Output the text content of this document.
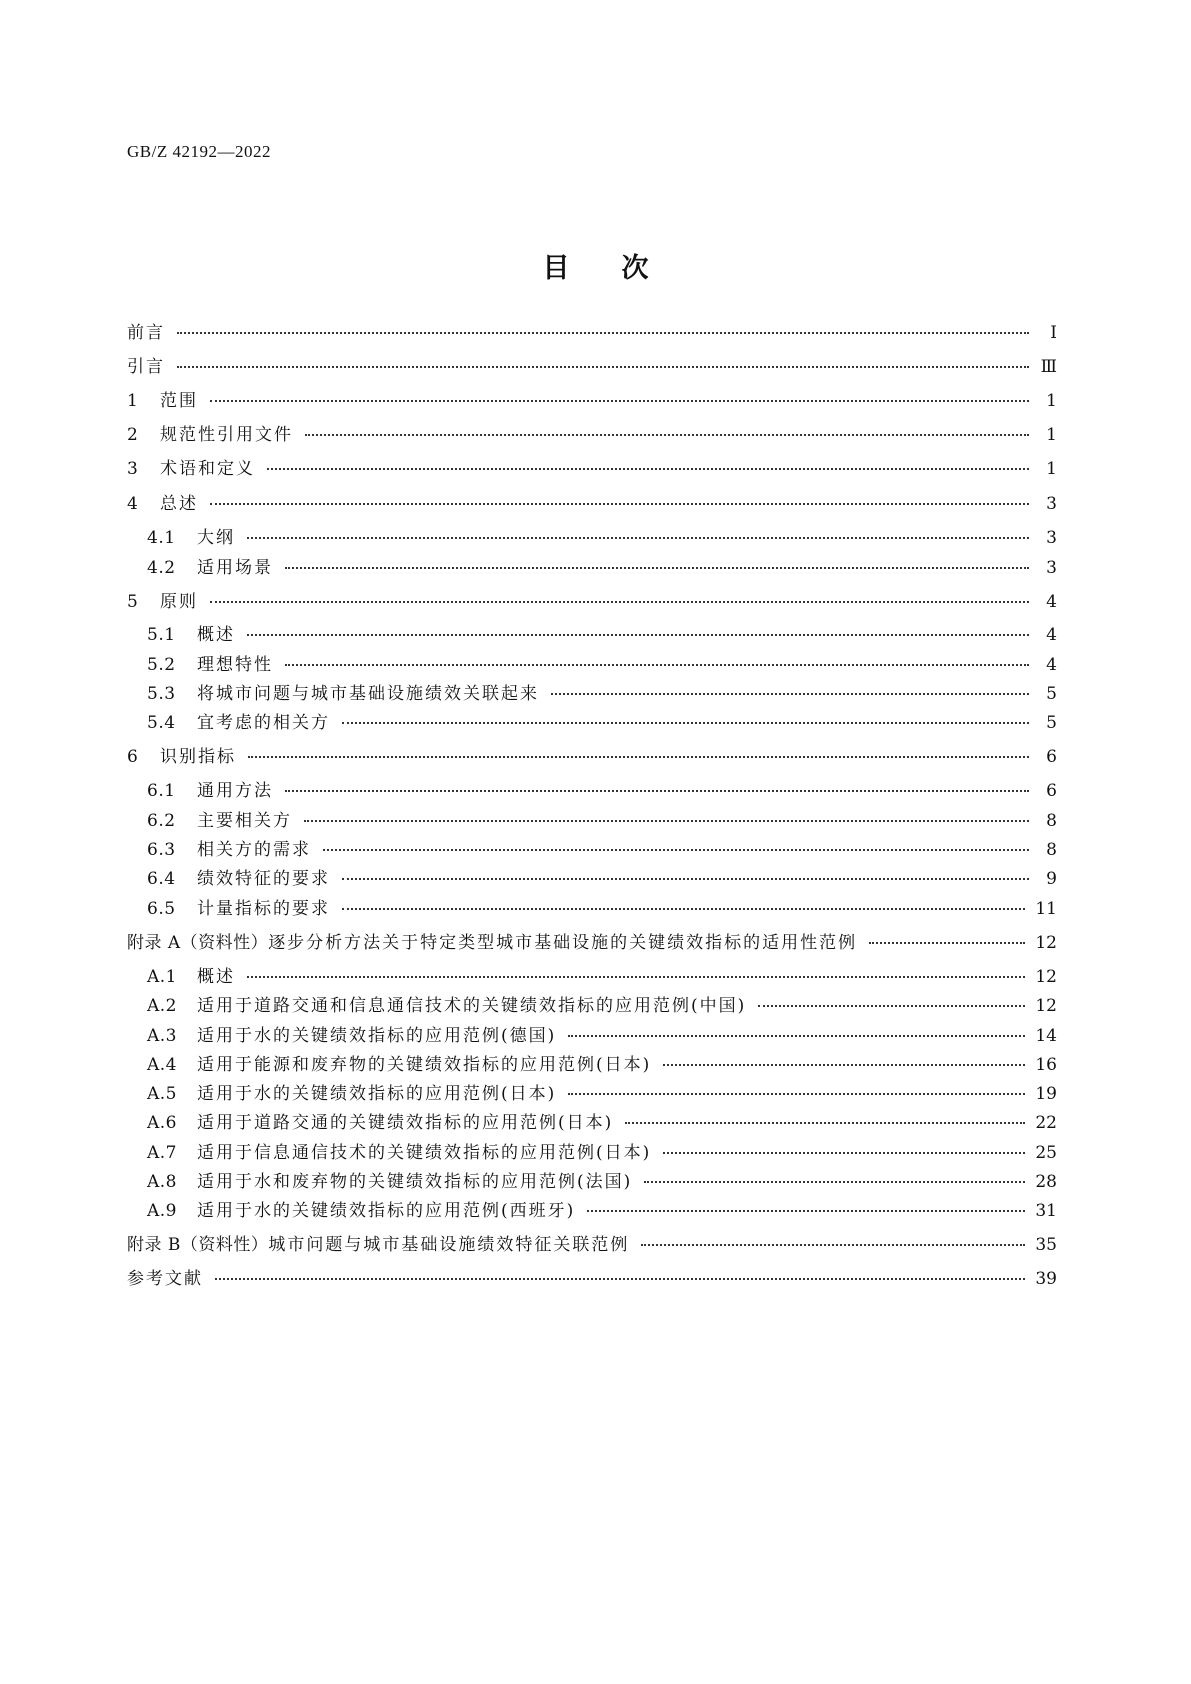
GB/Z 42192—2022
目次
前言	Ⅰ
引言	Ⅲ
1	范围	1
2	规范性引用文件	1
3	术语和定义	1
4	总述	3
4.1	大纲	3
4.2	适用场景	3
5	原则	4
5.1	概述	4
5.2	理想特性	4
5.3	将城市问题与城市基础设施绩效关联起来	5
5.4	宜考虑的相关方	5
6	识别指标	6
6.1	通用方法	6
6.2	主要相关方	8
6.3	相关方的需求	8
6.4	绩效特征的要求	9
6.5	计量指标的要求	11
附录 A（资料性） 逐步分析方法关于特定类型城市基础设施的关键绩效指标的适用性范例	12
A.1	概述	12
A.2	适用于道路交通和信息通信技术的关键绩效指标的应用范例(中国)	12
A.3	适用于水的关键绩效指标的应用范例(德国)	14
A.4	适用于能源和废弃物的关键绩效指标的应用范例(日本)	16
A.5	适用于水的关键绩效指标的应用范例(日本)	19
A.6	适用于道路交通的关键绩效指标的应用范例(日本)	22
A.7	适用于信息通信技术的关键绩效指标的应用范例(日本)	25
A.8	适用于水和废弃物的关键绩效指标的应用范例(法国)	28
A.9	适用于水的关键绩效指标的应用范例(西班牙)	31
附录 B（资料性） 城市问题与城市基础设施绩效特征关联范例	35
参考文献	39
